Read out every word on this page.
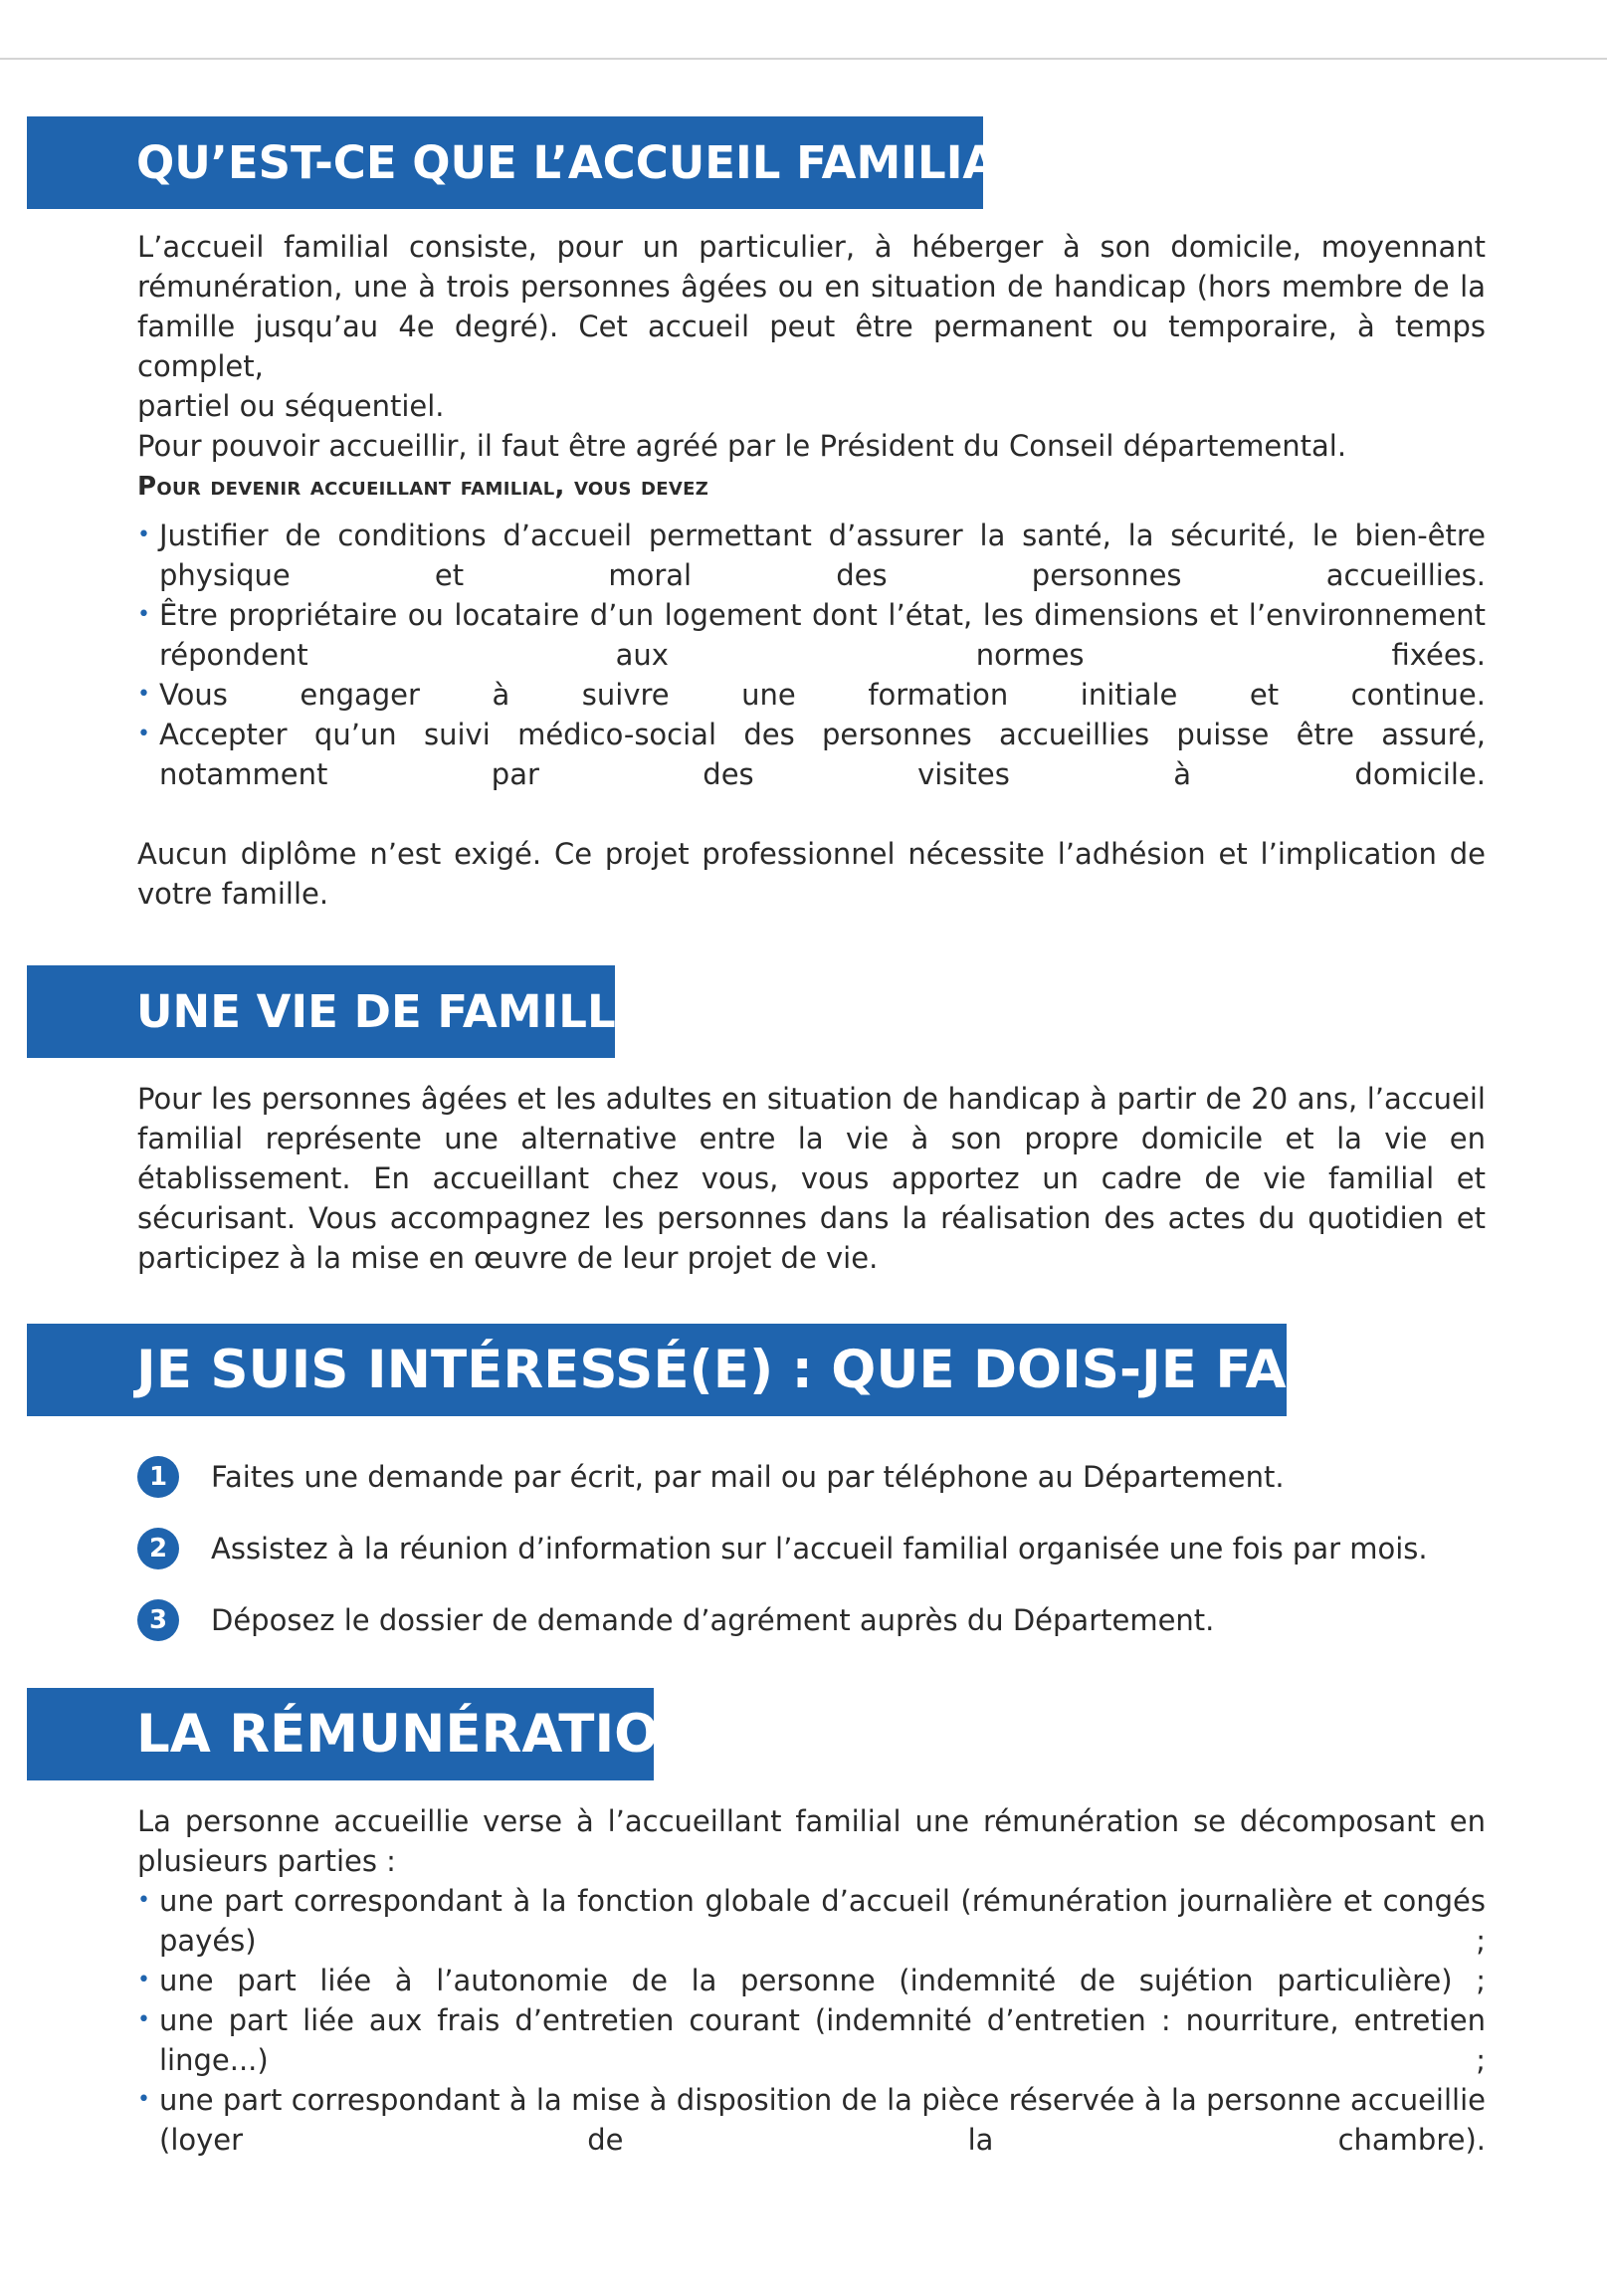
QU’EST-CE QUE L’ACCUEIL FAMILIAL ?
L’accueil familial consiste, pour un particulier, à héberger à son domicile, moyennant
rémunération, une à trois personnes âgées ou en situation de handicap (hors membre de la
famille jusqu’au 4e degré). Cet accueil peut être permanent ou temporaire, à temps complet,
partiel ou séquentiel.
Pour pouvoir accueillir, il faut être agréé par le Président du Conseil départemental.
Pour devenir accueillant familial, vous devez
• Justifier de conditions d’accueil permettant d’assurer la santé, la sécurité, le bien-être physique et moral des personnes accueillies.
• Être propriétaire ou locataire d’un logement dont l’état, les dimensions et l’environnement répondent aux normes fixées.
• Vous engager à suivre une formation initiale et continue.
• Accepter qu’un suivi médico-social des personnes accueillies puisse être assuré, notamment par des visites à domicile.
Aucun diplôme n’est exigé. Ce projet professionnel nécessite l’adhésion et l’implication de votre famille.
UNE VIE DE FAMILLE
Pour les personnes âgées et les adultes en situation de handicap à partir de 20 ans, l’accueil familial représente une alternative entre la vie à son propre domicile et la vie en établissement. En accueillant chez vous, vous apportez un cadre de vie familial et sécurisant. Vous accompagnez les personnes dans la réalisation des actes du quotidien et participez à la mise en œuvre de leur projet de vie.
JE SUIS INTÉRESSÉ(E) : QUE DOIS-JE FAIRE ?
1	Faites une demande par écrit, par mail ou par téléphone au Département.
2	Assistez à la réunion d’information sur l’accueil familial organisée une fois par mois.
3	Déposez le dossier de demande d’agrément auprès du Département.
LA RÉMUNÉRATION
La personne accueillie verse à l’accueillant familial une rémunération se décomposant en plusieurs parties :
• une part correspondant à la fonction globale d’accueil (rémunération journalière et congés payés) ;
• une part liée à l’autonomie de la personne (indemnité de sujétion particulière) ;
• une part liée aux frais d’entretien courant (indemnité d’entretien : nourriture, entretien linge...) ;
• une part correspondant à la mise à disposition de la pièce réservée à la personne accueillie (loyer de la chambre).
